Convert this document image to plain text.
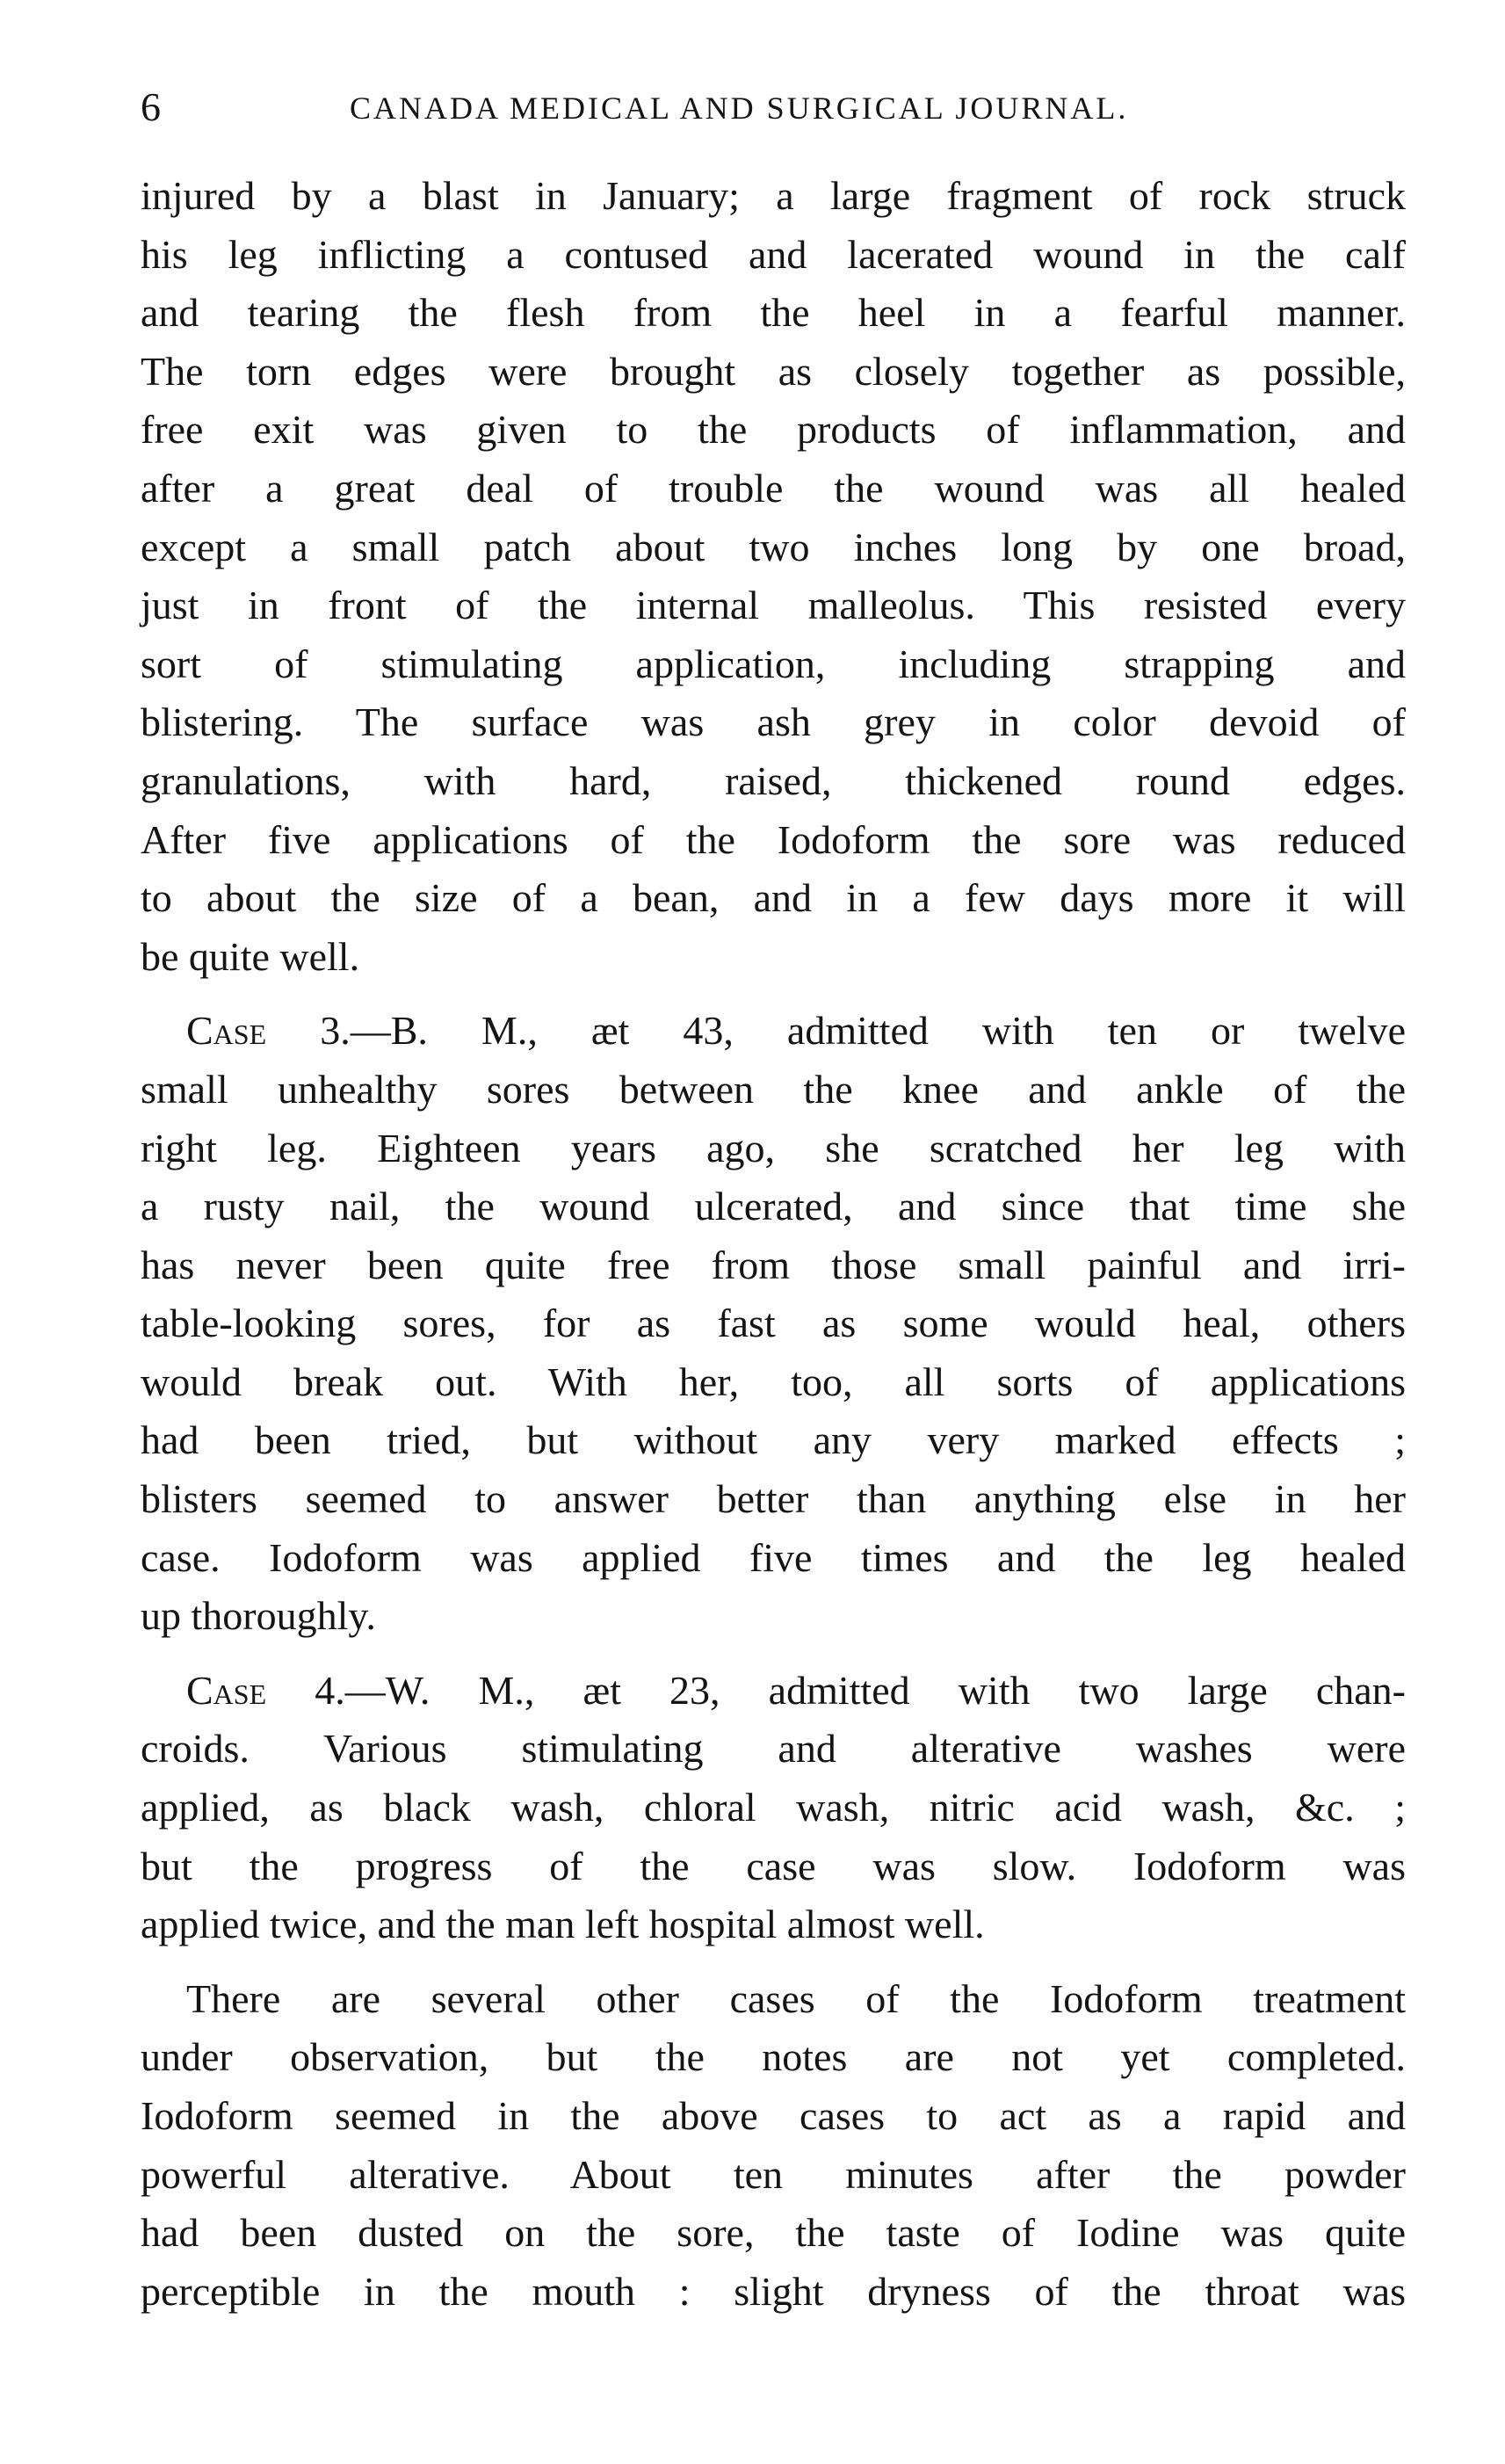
6	CANADA MEDICAL AND SURGICAL JOURNAL.

injured by a blast in January; a large fragment of rock struck
his leg inflicting a contused and lacerated wound in the calf
and tearing the flesh from the heel in a fearful manner.
The torn edges were brought as closely together as possible,
free exit was given to the products of inflammation, and
after a great deal of trouble the wound was all healed
except a small patch about two inches long by one broad,
just in front of the internal malleolus. This resisted every
sort of stimulating application, including strapping and
blistering. The surface was ash grey in color devoid of
granulations, with hard, raised, thickened round edges.
After five applications of the Iodoform the sore was reduced
to about the size of a bean, and in a few days more it will
be quite well.

Case 3.—B. M., æt 43, admitted with ten or twelve
small unhealthy sores between the knee and ankle of the
right leg. Eighteen years ago, she scratched her leg with
a rusty nail, the wound ulcerated, and since that time she
has never been quite free from those small painful and irri-
table-looking sores, for as fast as some would heal, others
would break out. With her, too, all sorts of applications
had been tried, but without any very marked effects ;
blisters seemed to answer better than anything else in her
case. Iodoform was applied five times and the leg healed
up thoroughly.

Case 4.—W. M., æt 23, admitted with two large chan-
croids. Various stimulating and alterative washes were
applied, as black wash, chloral wash, nitric acid wash, &c. ;
but the progress of the case was slow. Iodoform was
applied twice, and the man left hospital almost well.

There are several other cases of the Iodoform treatment
under observation, but the notes are not yet completed.
Iodoform seemed in the above cases to act as a rapid and
powerful alterative. About ten minutes after the powder
had been dusted on the sore, the taste of Iodine was quite
perceptible in the mouth : slight dryness of the throat was
